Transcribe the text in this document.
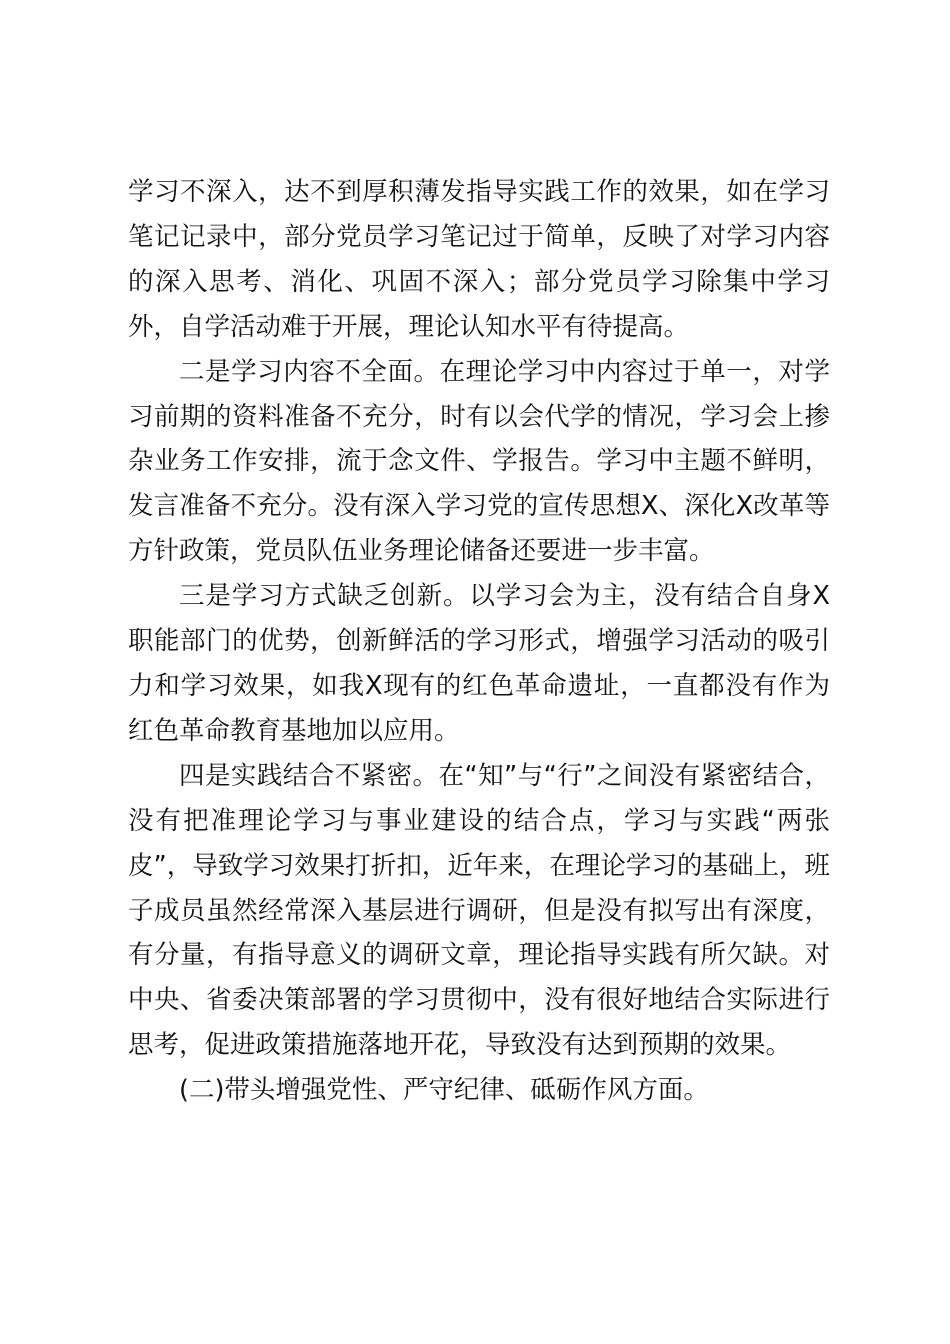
学习不深入，达不到厚积薄发指导实践工作的效果，如在学习笔记记录中，部分党员学习笔记过于简单，反映了对学习内容的深入思考、消化、巩固不深入；部分党员学习除集中学习外，自学活动难于开展，理论认知水平有待提高。

二是学习内容不全面。在理论学习中内容过于单一，对学习前期的资料准备不充分，时有以会代学的情况，学习会上掺杂业务工作安排，流于念文件、学报告。学习中主题不鲜明，发言准备不充分。没有深入学习党的宣传思想X、深化X改革等方针政策，党员队伍业务理论储备还要进一步丰富。

三是学习方式缺乏创新。以学习会为主，没有结合自身X职能部门的优势，创新鲜活的学习形式，增强学习活动的吸引力和学习效果，如我X现有的红色革命遗址，一直都没有作为红色革命教育基地加以应用。

四是实践结合不紧密。在“知”与“行”之间没有紧密结合，没有把准理论学习与事业建设的结合点，学习与实践“两张皮”，导致学习效果打折扣，近年来，在理论学习的基础上，班子成员虽然经常深入基层进行调研，但是没有拟写出有深度，有分量，有指导意义的调研文章，理论指导实践有所欠缺。对中央、省委决策部署的学习贯彻中，没有很好地结合实际进行思考，促进政策措施落地开花，导致没有达到预期的效果。

(二)带头增强党性、严守纪律、砥砺作风方面。
